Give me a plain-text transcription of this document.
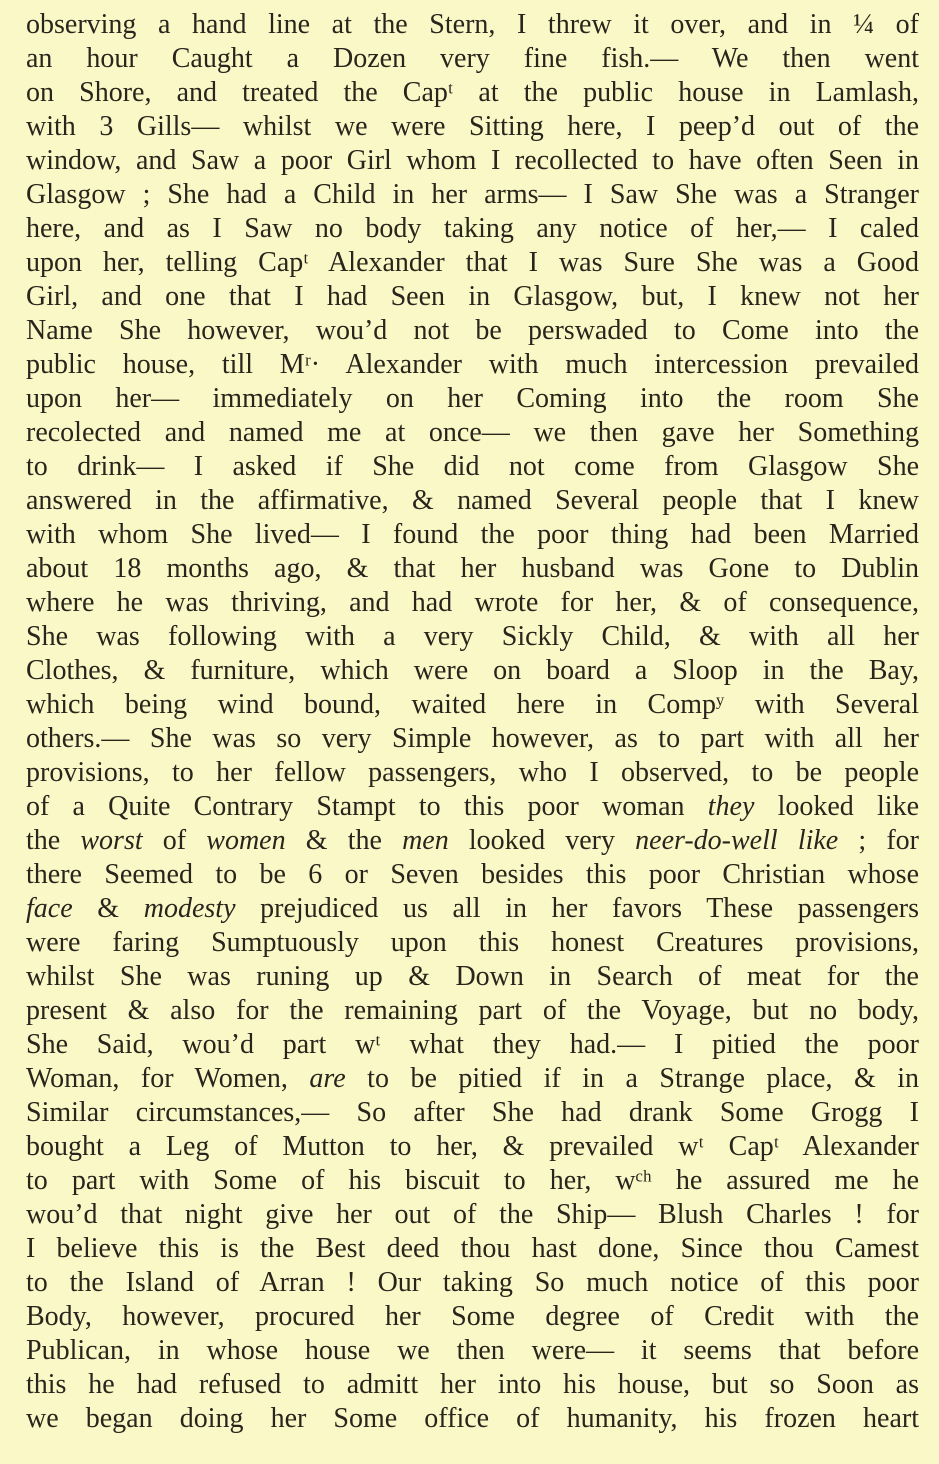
observing a hand line at the Stern, I threw it over, and in ¼ of
an hour Caught a Dozen very fine fish.— We then went
on Shore, and treated the Capᵗ at the public house in Lamlash,
with 3 Gills— whilst we were Sitting here, I peep’d out of the
window, and Saw a poor Girl whom I recollected to have often Seen in
Glasgow ; She had a Child in her arms— I Saw She was a Stranger
here, and as I Saw no body taking any notice of her,— I caled
upon her, telling Capᵗ Alexander that I was Sure She was a Good
Girl, and one that I had Seen in Glasgow, but, I knew not her
Name She however, wou’d not be perswaded to Come into the
public house, till Mʳ· Alexander with much intercession prevailed
upon her— immediately on her Coming into the room She
recolected and named me at once— we then gave her Something
to drink— I asked if She did not come from Glasgow She
answered in the affirmative, & named Several people that I knew
with whom She lived— I found the poor thing had been Married
about 18 months ago, & that her husband was Gone to Dublin
where he was thriving, and had wrote for her, & of consequence,
She was following with a very Sickly Child, & with all her
Clothes, & furniture, which were on board a Sloop in the Bay,
which being wind bound, waited here in Compʸ with Several
others.— She was so very Simple however, as to part with all her
provisions, to her fellow passengers, who I observed, to be people
of a Quite Contrary Stampt to this poor woman they looked like
the worst of women & the men looked very neer-do-well like ; for
there Seemed to be 6 or Seven besides this poor Christian whose
face & modesty prejudiced us all in her favors These passengers
were faring Sumptuously upon this honest Creatures provisions,
whilst She was runing up & Down in Search of meat for the
present & also for the remaining part of the Voyage, but no body,
She Said, wou’d part wᵗ what they had.— I pitied the poor
Woman, for Women, are to be pitied if in a Strange place, & in
Similar circumstances,— So after She had drank Some Grogg I
bought a Leg of Mutton to her, & prevailed wᵗ Capᵗ Alexander
to part with Some of his biscuit to her, wᶜʰ he assured me he
wou’d that night give her out of the Ship— Blush Charles ! for
I believe this is the Best deed thou hast done, Since thou Camest
to the Island of Arran ! Our taking So much notice of this poor
Body, however, procured her Some degree of Credit with the
Publican, in whose house we then were— it seems that before
this he had refused to admitt her into his house, but so Soon as
we began doing her Some office of humanity, his frozen heart
